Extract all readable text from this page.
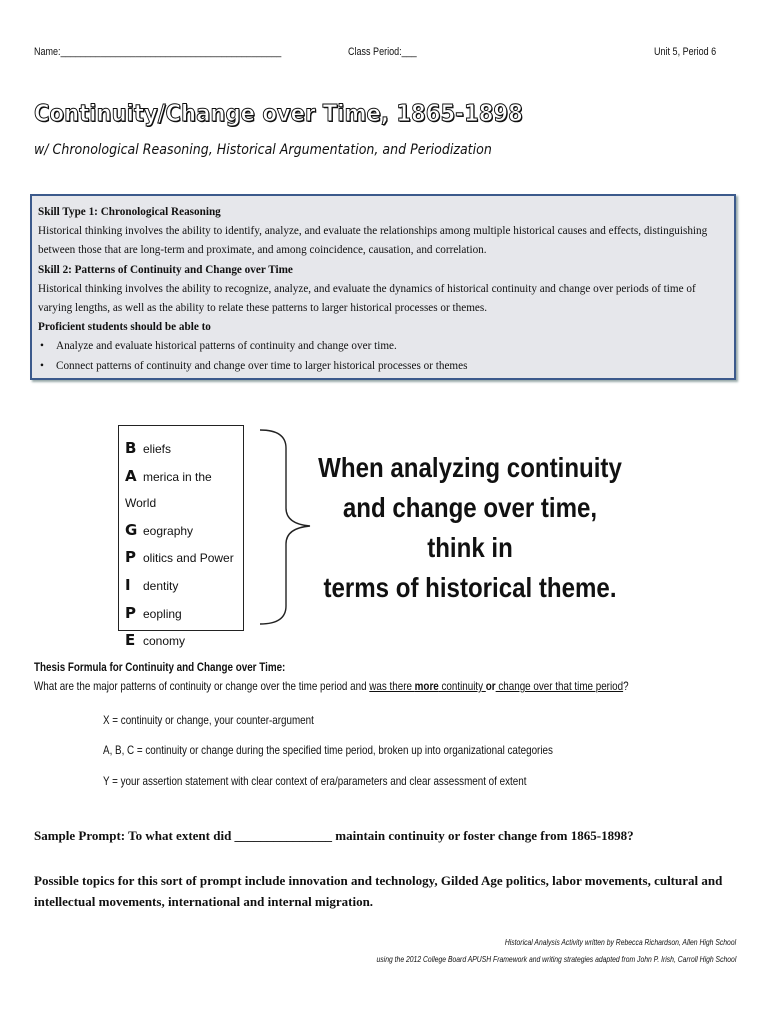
Name:____________________________________________	Class Period:___	Unit 5, Period 6
Continuity/Change over Time, 1865-1898
w/ Chronological Reasoning, Historical Argumentation, and Periodization

Skill Type 1: Chronological Reasoning

Historical thinking involves the ability to identify, analyze, and evaluate the relationships among multiple historical causes and effects, distinguishing between those that are long-term and proximate, and among coincidence, causation, and correlation.

Skill 2: Patterns of Continuity and Change over Time

Historical thinking involves the ability to recognize, analyze, and evaluate the dynamics of historical continuity and change over periods of time of varying lengths, as well as the ability to relate these patterns to larger historical processes or themes.

Proficient students should be able to

• Analyze and evaluate historical patterns of continuity and change over time.
• Connect patterns of continuity and change over time to larger historical processes or themes
B eliefs
A merica in the World
G eography
P olitics and Power
I dentity
P eopling
E conomy
When analyzing continuity
and change over time, think in
terms of historical theme.
Thesis Formula for Continuity and Change over Time:
What are the major patterns of continuity or change over the time period and was there more continuity or change over that time period?
X = continuity or change, your counter-argument
A, B, C = continuity or change during the specified time period, broken up into organizational categories
Y = your assertion statement with clear context of era/parameters and clear assessment of extent
Sample Prompt: To what extent did _______________ maintain continuity or foster change from 1865-1898?
Possible topics for this sort of prompt include innovation and technology, Gilded Age politics, labor movements, cultural and intellectual movements, international and internal migration.
Historical Analysis Activity written by Rebecca Richardson, Allen High School
using the 2012 College Board APUSH Framework and writing strategies adapted from John P. Irish, Carroll High School
